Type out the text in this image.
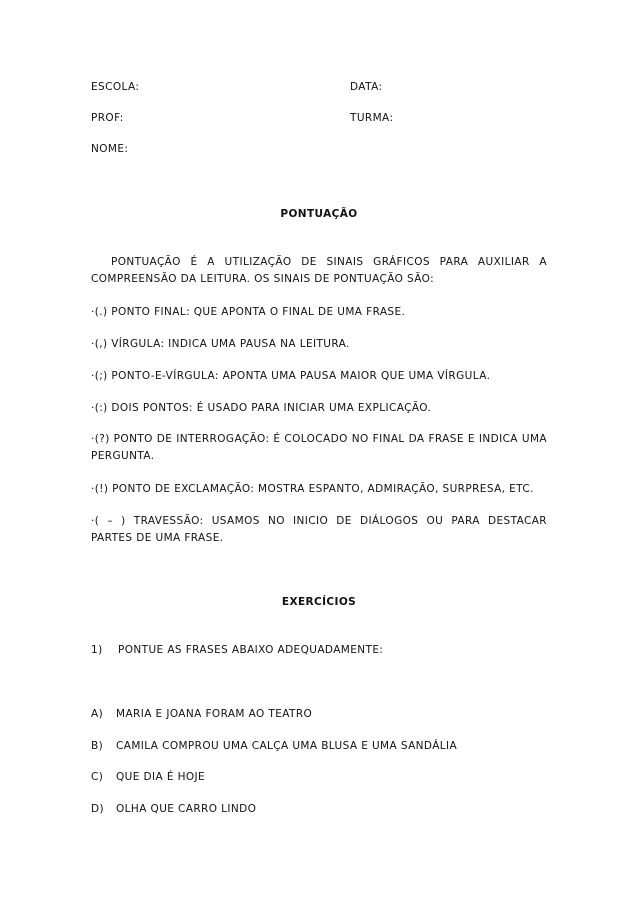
ESCOLA:	DATA:
PROF:	TURMA:
NOME:
PONTUAÇÃO
PONTUAÇÃO É A UTILIZAÇÃO DE SINAIS GRÁFICOS PARA AUXILIAR A
COMPREENSÃO DA LEITURA. OS SINAIS DE PONTUAÇÃO SÃO:
·(.) PONTO FINAL: QUE APONTA O FINAL DE UMA FRASE.
·(,) VÍRGULA: INDICA UMA PAUSA NA LEITURA.
·(;) PONTO-E-VÍRGULA: APONTA UMA PAUSA MAIOR QUE UMA VÍRGULA.
·(:) DOIS PONTOS: É USADO PARA INICIAR UMA EXPLICAÇÃO.
·(?) PONTO DE INTERROGAÇÃO: É COLOCADO NO FINAL DA FRASE E INDICA UMA
PERGUNTA.
·(!) PONTO DE EXCLAMAÇÃO: MOSTRA ESPANTO, ADMIRAÇÃO, SURPRESA, ETC.
·( – ) TRAVESSÃO: USAMOS NO INICIO DE DIÁLOGOS OU PARA DESTACAR
PARTES DE UMA FRASE.
EXERCÍCIOS
1) PONTUE AS FRASES ABAIXO ADEQUADAMENTE:
A) MARIA E JOANA FORAM AO TEATRO
B) CAMILA COMPROU UMA CALÇA UMA BLUSA E UMA SANDÁLIA
C) QUE DIA É HOJE
D) OLHA QUE CARRO LINDO
